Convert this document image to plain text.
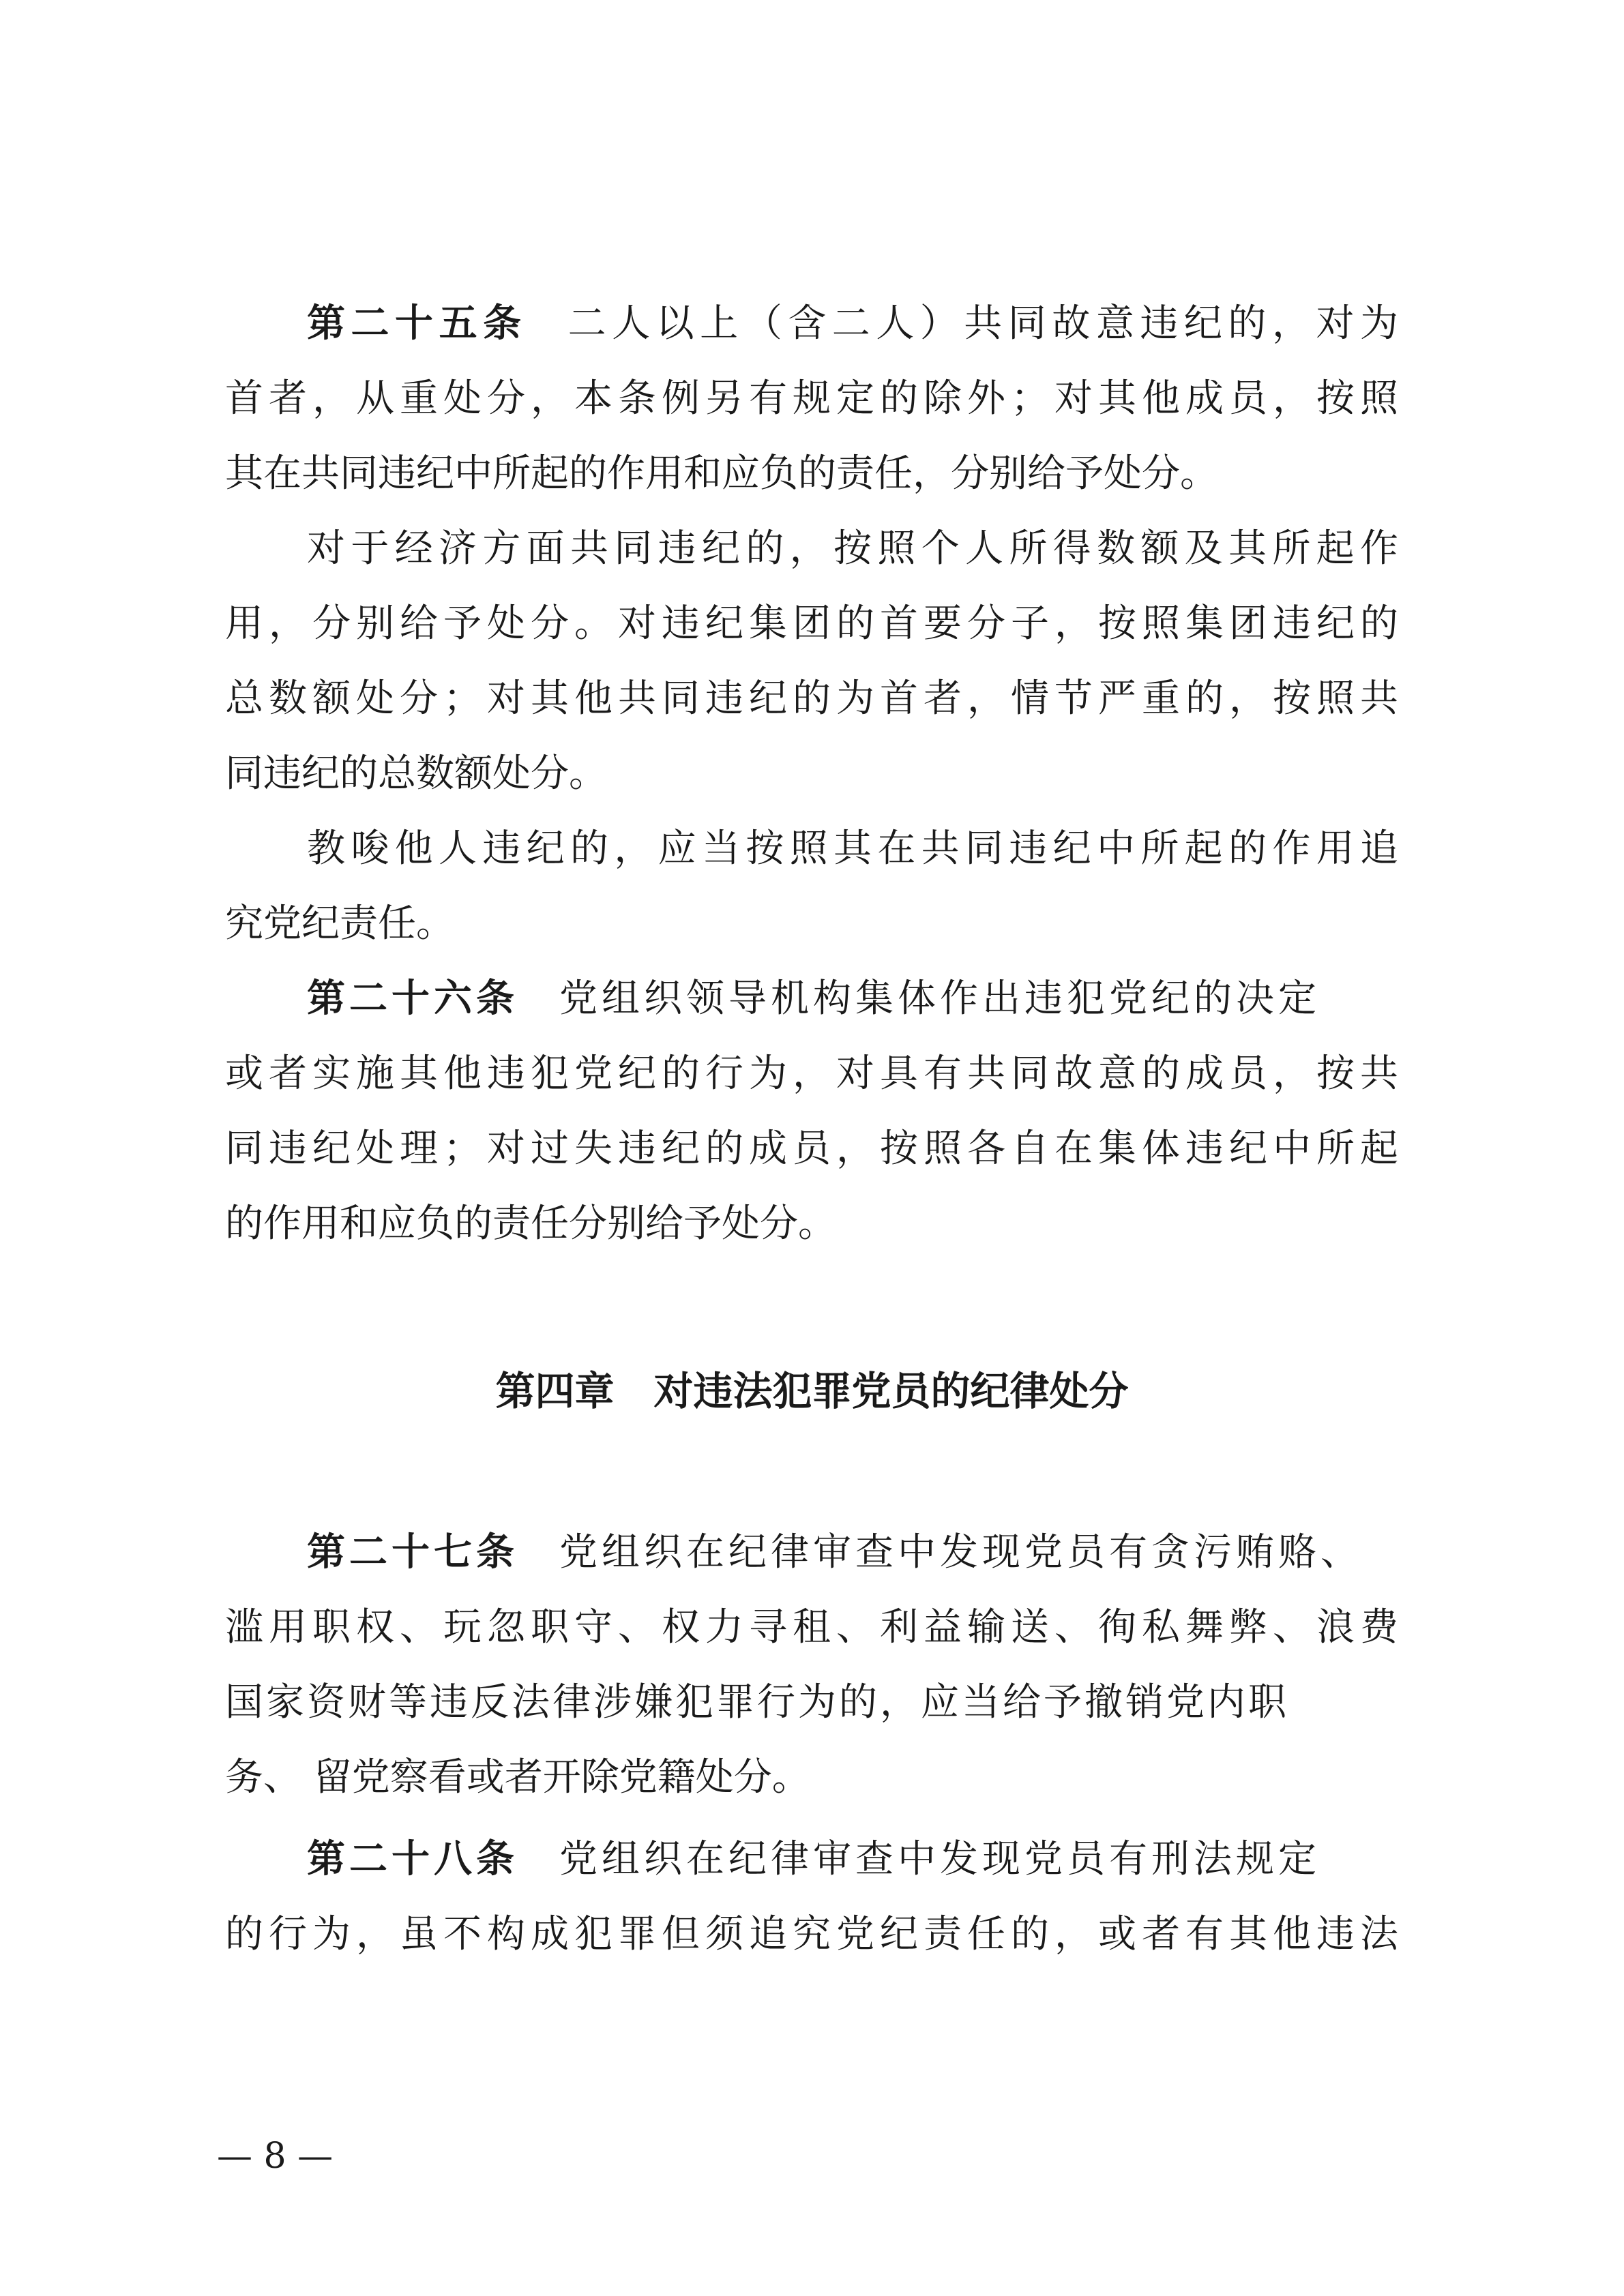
第二十五条 二人以上（含二人）共同故意违纪的，对为
首者，从重处分，本条例另有规定的除外；对其他成员，按照
其在共同违纪中所起的作用和应负的责任，分别给予处分。
对于经济方面共同违纪的，按照个人所得数额及其所起作
用，分别给予处分。对违纪集团的首要分子，按照集团违纪的
总数额处分；对其他共同违纪的为首者，情节严重的，按照共
同违纪的总数额处分。
教唆他人违纪的，应当按照其在共同违纪中所起的作用追
究党纪责任。
第二十六条 党组织领导机构集体作出违犯党纪的决定
或者实施其他违犯党纪的行为，对具有共同故意的成员，按共
同违纪处理；对过失违纪的成员，按照各自在集体违纪中所起
的作用和应负的责任分别给予处分。
第四章　对违法犯罪党员的纪律处分
第二十七条 党组织在纪律审查中发现党员有贪污贿赂、
滥用职权、玩忽职守、权力寻租、利益输送、徇私舞弊、浪费
国家资财等违反法律涉嫌犯罪行为的，应当给予撤销党内职
务、 留党察看或者开除党籍处分。
第二十八条 党组织在纪律审查中发现党员有刑法规定
的行为，虽不构成犯罪但须追究党纪责任的，或者有其他违法
— 8 —
